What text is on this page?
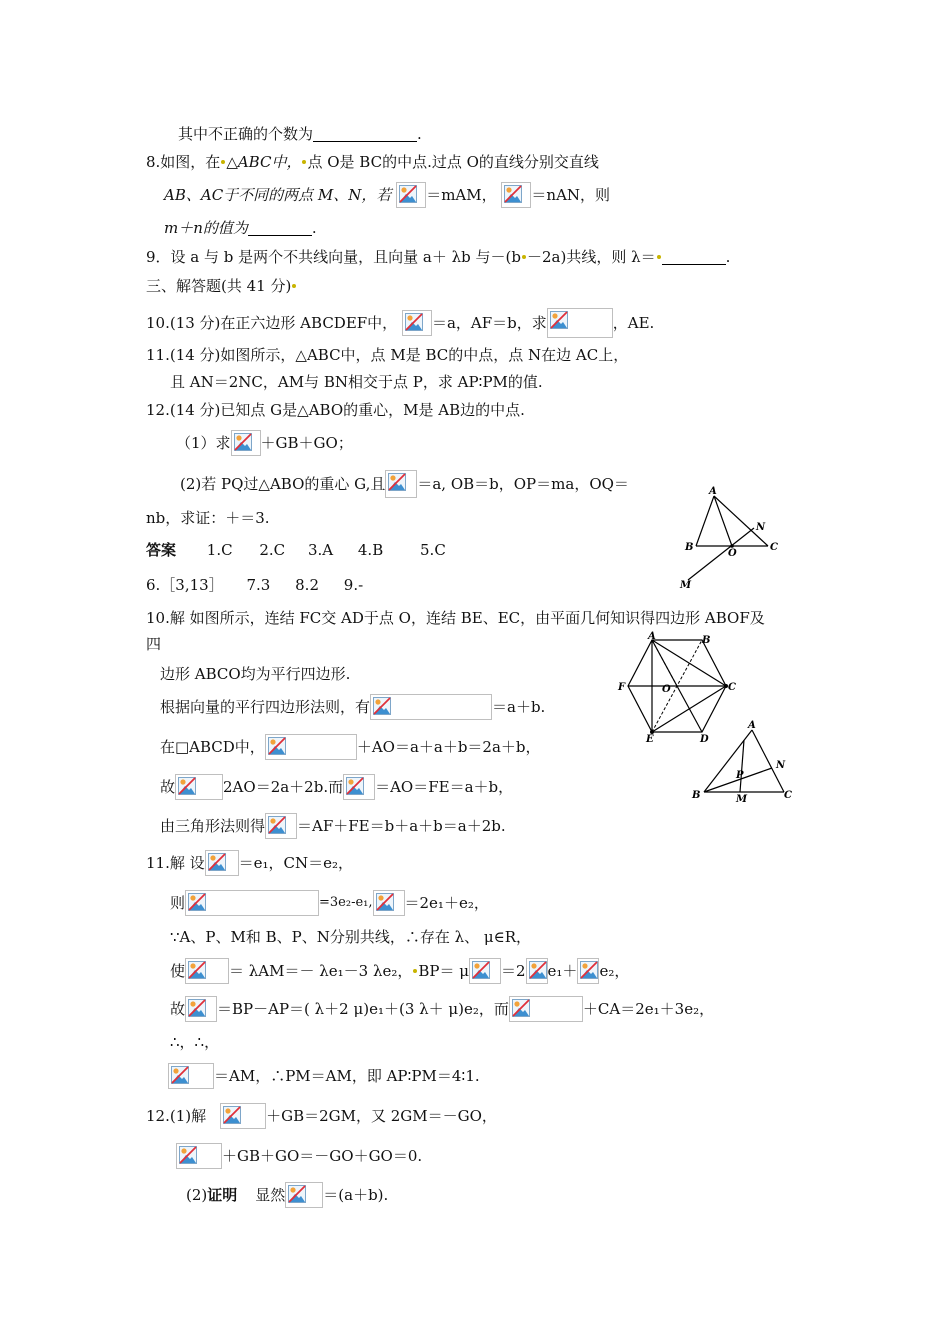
其中不正确的个数为	.
8.如图，在 △ABC中， 点 O是 BC的中点.过点 O的直线分别交直线
AB、AC于不同的两点 M、N，若 ＝mAM， ＝nAN，则
m＋n的值为	.
9．设 a 与 b 是两个不共线向量，且向量 a＋ λb 与－(b －2a)共线，则 λ＝	.
三、解答题(共 41 分)
10.(13 分)在正六边形 ABCDEF中， ＝a，AF＝b，求	，AE.
11.(14 分)如图所示，△ABC中，点 M是 BC的中点，点 N在边 AC上，
且 AN＝2NC，AM与 BN相交于点 P，求 AP∶PM的值.
12.(14 分)已知点 G是△ABO的重心，M是 AB边的中点.
（1）求 ＋GB＋GO；
(2)若 PQ过△ABO的重心 G,且 ＝a, OB＝b，OP＝ma，OQ＝
nb，求证：＋＝3.
答案 1.C 2.C 3.A 4.B 5.C
6.［3,13］ 7.3 8.2 9.-
10.解 如图所示，连结 FC交 AD于点 O，连结 BE、EC，由平面几何知识得四边形 ABOF及
四
边形 ABCO均为平行四边形.
根据向量的平行四边形法则，有	＝a＋b.
在□ABCD中，	＋AO＝a＋a＋b＝2a＋b，
故	2AO＝2a＋2b.而 ＝AO＝FE＝a＋b，
由三角形法则得 ＝AF＋FE＝b＋a＋b＝a＋2b.
11.解 设 ＝e₁，CN＝e₂，
则	=3e₂-e₁, ＝2e₁＋e₂，
∵A、P、M和 B、P、N分别共线，∴存在 λ、 μ∈R，
使	＝ λAM＝－ λe₁－3 λe₂， BP＝ μ ＝2 e₁＋ e₂，
故 ＝BP－AP＝( λ＋2 μ)e₁＋(3 λ＋ μ)e₂，而	＋CA＝2e₁＋3e₂，
∴，∴，
＝AM，∴PM＝AM，即 AP∶PM＝4∶1.
12.(1)解	＋GB＝2GM，又 2GM＝－GO，
＋GB＋GO＝－GO＋GO＝0.
(2)证明 显然	＝(a＋b).
A
N
B
O
C
M
A	B
F	O	C
E	D
A
N
P
B	M	C
